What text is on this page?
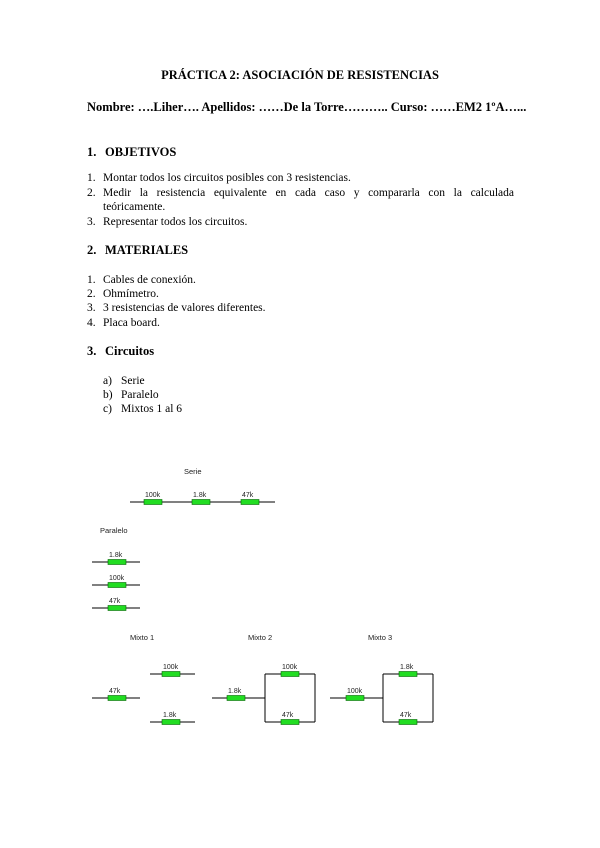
PRÁCTICA 2: ASOCIACIÓN DE RESISTENCIAS
Nombre: ….Liher…. Apellidos: ……De la Torre……….. Curso: ……EM2 1ºA…...
1. OBJETIVOS
1. Montar todos los circuitos posibles con 3 resistencias.
2. Medir la resistencia equivalente en cada caso y compararla con la calculada
teóricamente.
3. Representar todos los circuitos.
2. MATERIALES
1. Cables de conexión.
2. Ohmímetro.
3. 3 resistencias de valores diferentes.
4. Placa board.
3. Circuitos
a) Serie
b) Paralelo
c) Mixtos 1 al 6
Serie
100k	1.8k	47k
Paralelo
1.8k
100k
47k
Mixto 1
47k
100k
1.8k
Mixto 2
1.8k
100k
47k
Mixto 3
100k
1.8k
47k
